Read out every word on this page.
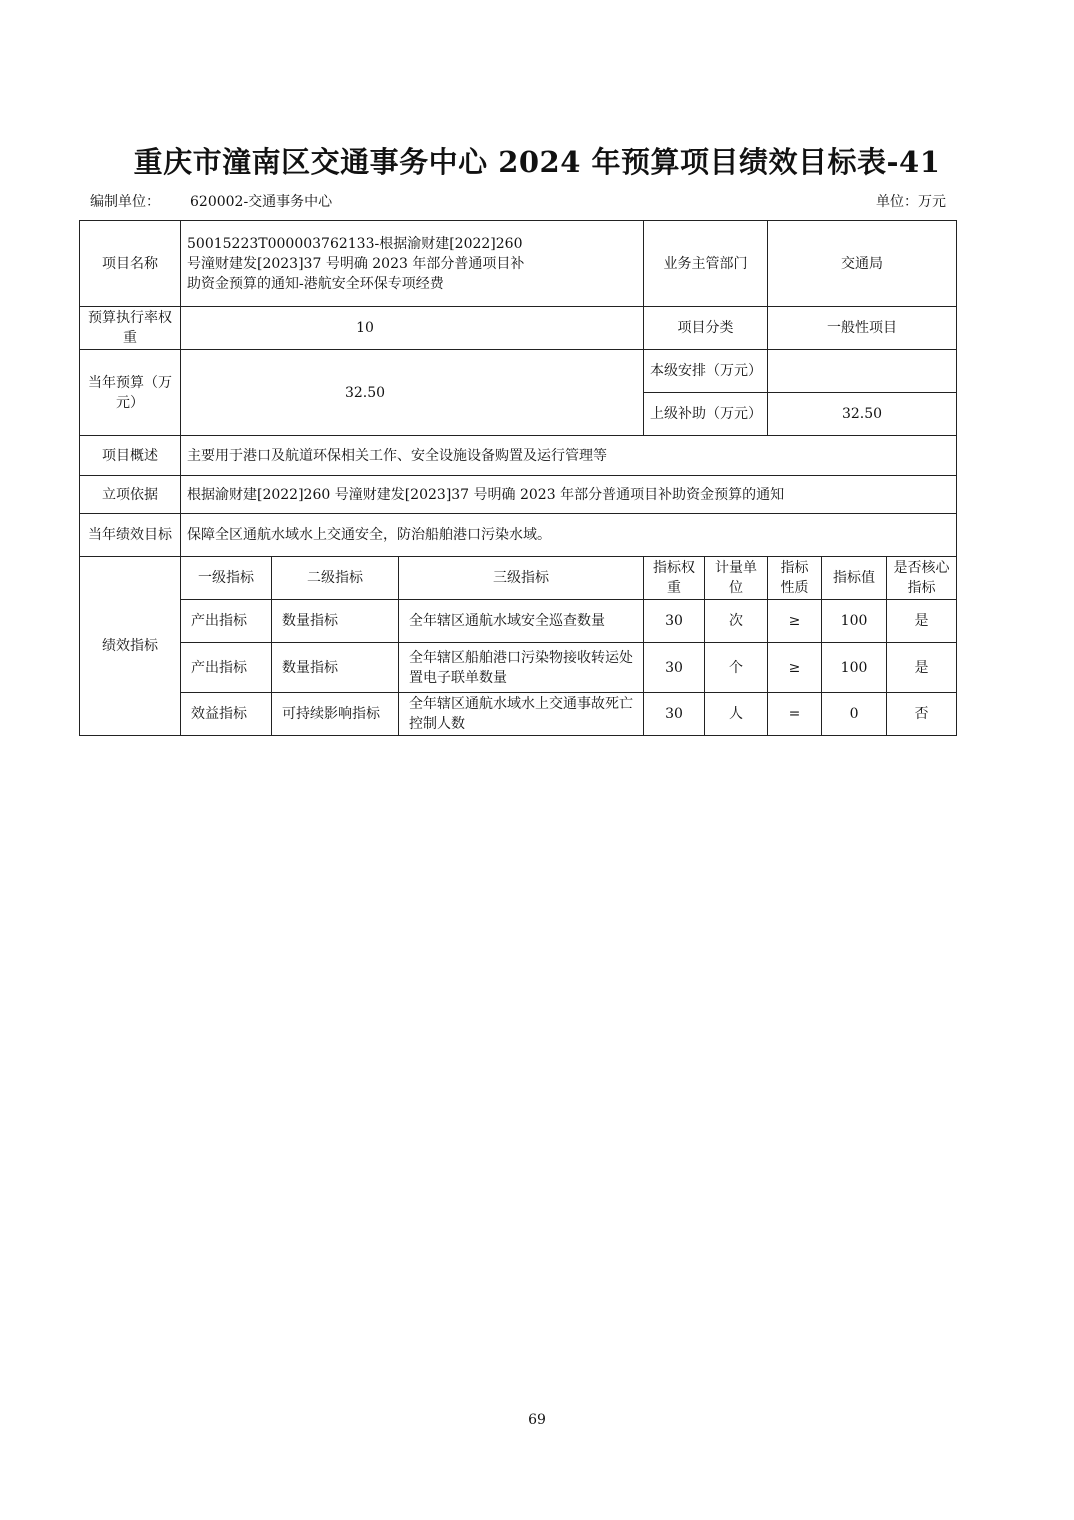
重庆市潼南区交通事务中心 2024 年预算项目绩效目标表-41
编制单位： 620002-交通事务中心	单位：万元
项目名称	50015223T000003762133-根据渝财建[2022]260 号潼财建发[2023]37 号明确 2023 年部分普通项目补助资金预算的通知-港航安全环保专项经费			业务主管部门		交通局		
预算执行率权重	10			项目分类		一般性项目		
当年预算（万元）	32.50			本级安排（万元）				
				上级补助（万元）		32.50		
项目概述	主要用于港口及航道环保相关工作、安全设施设备购置及运行管理等							
立项依据	根据渝财建[2022]260 号潼财建发[2023]37 号明确 2023 年部分普通项目补助资金预算的通知							
当年绩效目标	保障全区通航水域水上交通安全，防治船舶港口污染水域。							
绩效指标	一级指标	二级指标	三级指标	指标权重	计量单位	指标性质	指标值	是否核心指标
	产出指标	数量指标	全年辖区通航水域安全巡查数量	30	次	≥	100	是
	产出指标	数量指标	全年辖区船舶港口污染物接收转运处置电子联单数量	30	个	≥	100	是
	效益指标	可持续影响指标	全年辖区通航水域水上交通事故死亡控制人数	30	人	=	0	否
69
